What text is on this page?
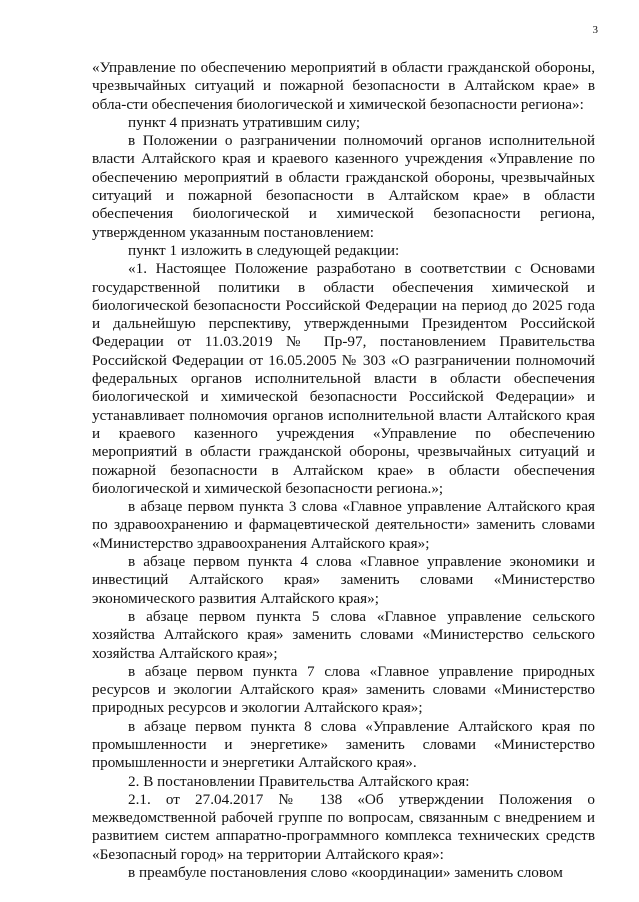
3

«Управление по обеспечению мероприятий в области гражданской обороны, чрезвычайных ситуаций и пожарной безопасности в Алтайском крае» в обла-сти обеспечения биологической и химической безопасности региона»:

пункт 4 признать утратившим силу;

в Положении о разграничении полномочий органов исполнительной власти Алтайского края и краевого казенного учреждения «Управление по обеспечению мероприятий в области гражданской обороны, чрезвычайных ситуаций и пожарной безопасности в Алтайском крае» в области обеспечения биологической и химической безопасности региона, утвержденном указанным постановлением:

пункт 1 изложить в следующей редакции:

«1. Настоящее Положение разработано в соответствии с Основами государственной политики в области обеспечения химической и биологической безопасности Российской Федерации на период до 2025 года и дальнейшую перспективу, утвержденными Президентом Российской Федерации от 11.03.2019 № Пр-97, постановлением Правительства Российской Федерации от 16.05.2005 № 303 «О разграничении полномочий федеральных органов исполнительной власти в области обеспечения биологической и химической безопасности Российской Федерации» и устанавливает полномочия органов исполнительной власти Алтайского края и краевого казенного учреждения «Управление по обеспечению мероприятий в области гражданской обороны, чрезвычайных ситуаций и пожарной безопасности в Алтайском крае» в области обеспечения биологической и химической безопасности региона.»;

в абзаце первом пункта 3 слова «Главное управление Алтайского края по здравоохранению и фармацевтической деятельности» заменить словами «Министерство здравоохранения Алтайского края»;

в абзаце первом пункта 4 слова «Главное управление экономики и инвестиций Алтайского края» заменить словами «Министерство экономического развития Алтайского края»;

в абзаце первом пункта 5 слова «Главное управление сельского хозяйства Алтайского края» заменить словами «Министерство сельского хозяйства Алтайского края»;

в абзаце первом пункта 7 слова «Главное управление природных ресурсов и экологии Алтайского края» заменить словами «Министерство природных ресурсов и экологии Алтайского края»;

в абзаце первом пункта 8 слова «Управление Алтайского края по промышленности и энергетике» заменить словами «Министерство промышленности и энергетики Алтайского края».

2. В постановлении Правительства Алтайского края:

2.1. от 27.04.2017 № 138 «Об утверждении Положения о межведомственной рабочей группе по вопросам, связанным с внедрением и развитием систем аппаратно-программного комплекса технических средств «Безопасный город» на территории Алтайского края»:

в преамбуле постановления слово «координации» заменить словом
